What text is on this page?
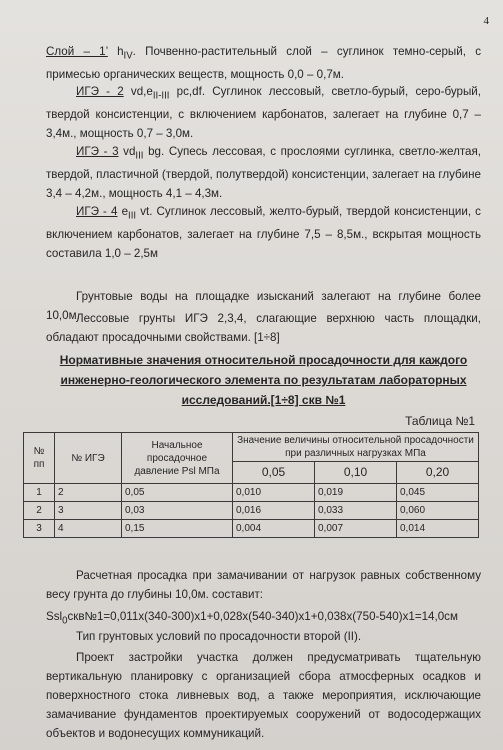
4
Слой – 1’ $h_{IV}$. Почвенно-растительный слой – суглинок темно-серый, с примесью органических веществ, мощность 0,0 – 0,7м.
ИГЭ - 2 $vd,e_{II-III}$ pc,df. Суглинок лессовый, светло-бурый, серо-бурый, твердой консистенции, с включением карбонатов, залегает на глубине 0,7 – 3,4м., мощность 0,7 – 3,0м.
ИГЭ - 3 $vd_{III}$ bg. Супесь лессовая, с прослоями суглинка, светло-желтая, твердой, пластичной (твердой, полутвердой) консистенции, залегает на глубине 3,4 – 4,2м., мощность 4,1 – 4,3м.
ИГЭ - 4 $e_{III}$ vt. Суглинок лессовый, желто-бурый, твердой консистенции, с включением карбонатов, залегает на глубине 7,5 – 8,5м., вскрытая мощность составила 1,0 – 2,5м
Грунтовые воды на площадке изысканий залегают на глубине более 10,0м.
Лессовые грунты ИГЭ 2,3,4, слагающие верхнюю часть площадки, обладают просадочными свойствами. [1÷8]
Нормативные значения относительной просадочности для каждого инженерно-геологического элемента по результатам лабораторных исследований.[1÷8] скв №1
Таблица №1
№ пп	№ ИГЭ	Начальное просадочное давление Psl МПа	Значение величины относительной просадочности при различных нагрузках МПа		
			0,05	0,10	0,20
1	2	0,05	0,010	0,019	0,045
2	3	0,03	0,016	0,033	0,060
3	4	0,15	0,004	0,007	0,014
Расчетная просадка при замачивании от нагрузок равных собственному весу грунта до глубины 10,0м. составит:
Ssl$_0$скв№1=0,011х(340-300)х1+0,028х(540-340)х1+0,038х(750-540)х1=14,0см
Тип грунтовых условий по просадочности второй (II).
Проект застройки участка должен предусматривать тщательную вертикальную планировку с организацией сбора атмосферных осадков и поверхностного стока ливневых вод, а также мероприятия, исключающие замачивание фундаментов проектируемых сооружений от водосодержащих объектов и водонесущих коммуникаций.
